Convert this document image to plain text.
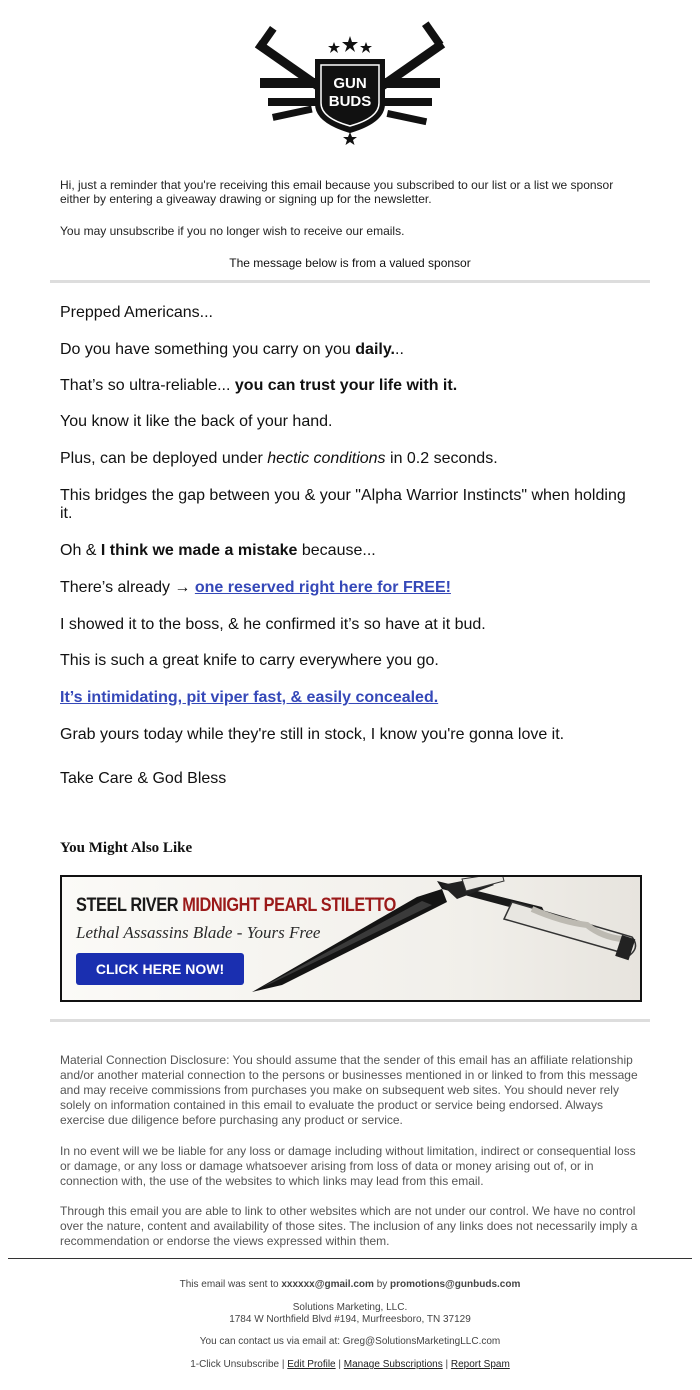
GUN
BUDS

Hi, just a reminder that you're receiving this email because you subscribed to our list or a list we sponsor

either by entering a giveaway drawing or signing up for the newsletter.

You may unsubscribe if you no longer wish to receive our emails.
The message below is from a valued sponsor
Prepped Americans...
Do you have something you carry on you daily...
That’s so ultra-reliable... you can trust your life with it.
You know it like the back of your hand.
Plus, can be deployed under hectic conditions in 0.2 seconds.
This bridges the gap between you & your "Alpha Warrior Instincts" when holding it.
Oh & I think we made a mistake because...
There’s already → one reserved right here for FREE!
I showed it to the boss, & he confirmed it’s so have at it bud.
This is such a great knife to carry everywhere you go.
It’s intimidating, pit viper fast, & easily concealed.
Grab yours today while they're still in stock, I know you're gonna love it.
Take Care & God Bless
You Might Also Like
STEEL RIVER MIDNIGHT PEARL STILETTO
Lethal Assassins Blade - Yours Free
CLICK HERE NOW!

Material Connection Disclosure: You should assume that the sender of this email has an affiliate relationship and/or another material connection to the persons or businesses mentioned in or linked to from this message and may receive commissions from purchases you make on subsequent web sites. You should never rely solely on information contained in this email to evaluate the product or service being endorsed. Always exercise due diligence before purchasing any product or service.

In no event will we be liable for any loss or damage including without limitation, indirect or consequential loss or damage, or any loss or damage whatsoever arising from loss of data or money arising out of, or in connection with, the use of the websites to which links may lead from this email.

Through this email you are able to link to other websites which are not under our control. We have no control over the nature, content and availability of those sites. The inclusion of any links does not necessarily imply a recommendation or endorse the views expressed within them.

This email was sent to xxxxxx@gmail.com by promotions@gunbuds.com
Solutions Marketing, LLC.
1784 W Northfield Blvd #194, Murfreesboro, TN 37129
You can contact us via email at: Greg@SolutionsMarketingLLC.com
1-Click Unsubscribe | Edit Profile | Manage Subscriptions | Report Spam
